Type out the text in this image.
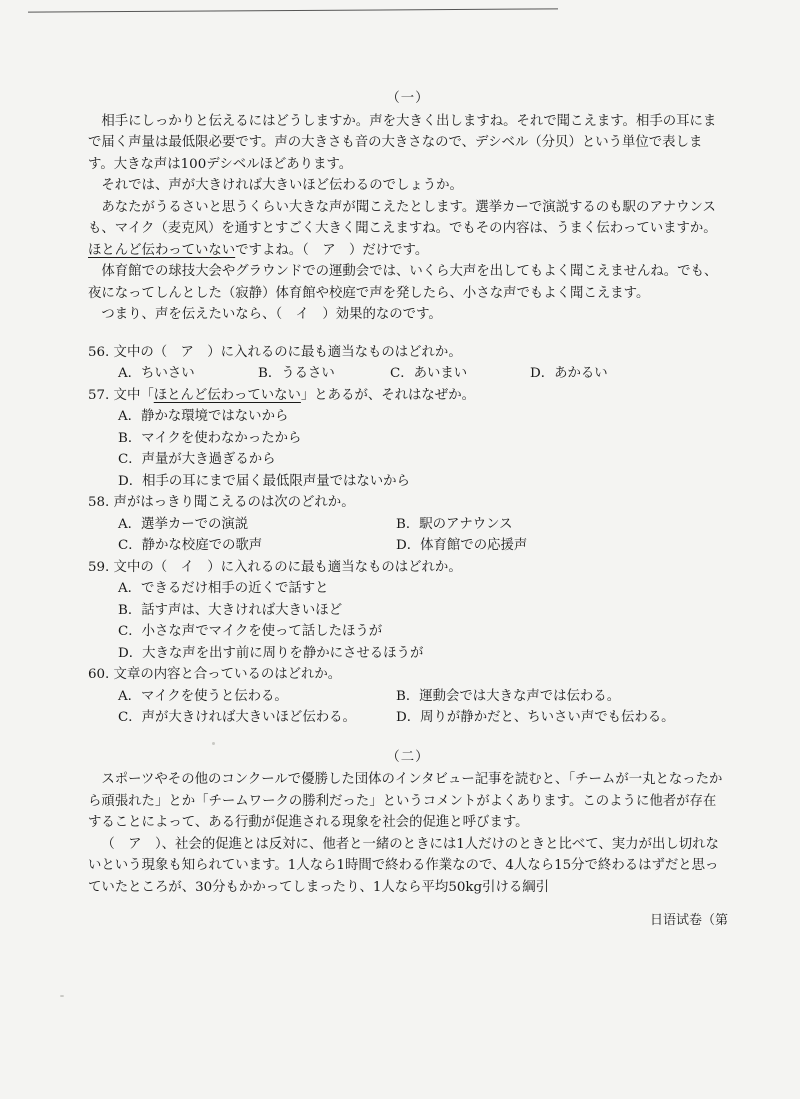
（一）

相手にしっかりと伝えるにはどうしますか。声を大きく出しますね。それで聞こえます。相手の耳にまで届く声量は最低限必要です。声の大きさも音の大きさなので、デシベル（分贝）という単位で表します。大きな声は100デシベルほどあります。

それでは、声が大きければ大きいほど伝わるのでしょうか。

あなたがうるさいと思うくらい大きな声が聞こえたとします。選挙カーで演説するのも駅のアナウンスも、マイク（麦克风）を通すとすごく大きく聞こえますね。でもその内容は、うまく伝わっていますか。ほとんど伝わっていないですよね。（　ア　）だけです。

体育館での球技大会やグラウンドでの運動会では、いくら大声を出してもよく聞こえませんね。でも、夜になってしんとした（寂静）体育館や校庭で声を発したら、小さな声でもよく聞こえます。

つまり、声を伝えたいなら、（　イ　）効果的なのです。

56. 文中の（　ア　）に入れるのに最も適当なものはどれか。

A．ちいさい	B．うるさい	C．あいまい	D．あかるい

57. 文中「ほとんど伝わっていない」とあるが、それはなぜか。

A．静かな環境ではないから
B．マイクを使わなかったから
C．声量が大き過ぎるから
D．相手の耳にまで届く最低限声量ではないから

58. 声がはっきり聞こえるのは次のどれか。

A．選挙カーでの演説	B．駅のアナウンス
C．静かな校庭での歌声	D．体育館での応援声

59. 文中の（　イ　）に入れるのに最も適当なものはどれか。

A．できるだけ相手の近くで話すと
B．話す声は、大きければ大きいほど
C．小さな声でマイクを使って話したほうが
D．大きな声を出す前に周りを静かにさせるほうが

60. 文章の内容と合っているのはどれか。

A．マイクを使うと伝わる。	B．運動会では大きな声では伝わる。
C．声が大きければ大きいほど伝わる。	D．周りが静かだと、ちいさい声でも伝わる。
（二）

スポーツやその他のコンクールで優勝した団体のインタビュー記事を読むと、「チームが一丸となったから頑張れた」とか「チームワークの勝利だった」というコメントがよくあります。このように他者が存在することによって、ある行動が促進される現象を社会的促進と呼びます。

（　ア　）、社会的促進とは反対に、他者と一緒のときには1人だけのときと比べて、実力が出し切れないという現象も知られています。1人なら1時間で終わる作業なので、4人なら15分で終わるはずだと思っていたところが、30分もかかってしまったり、1人なら平均50kg引ける綱引

日语试卷（第
